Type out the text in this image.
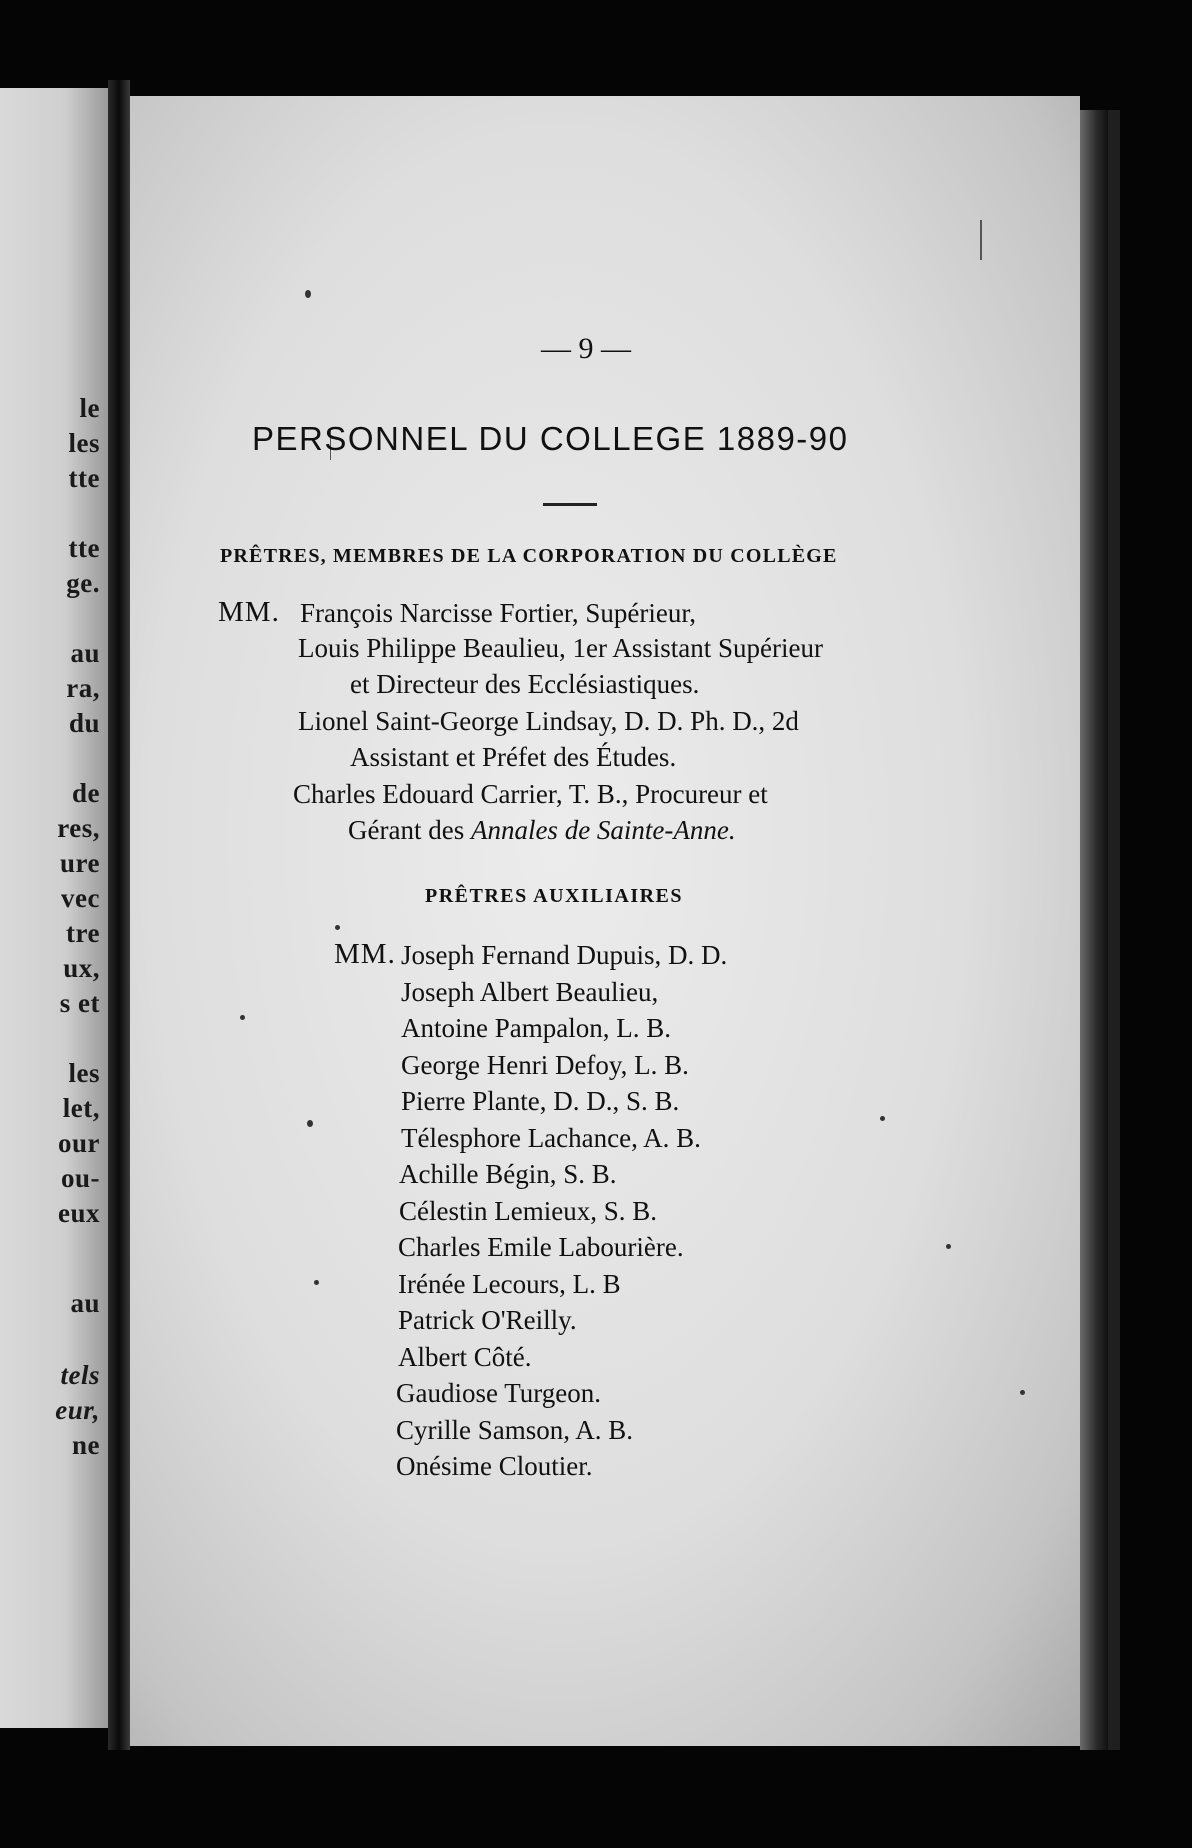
le
les
tte
tte
ge.
au
ra,
du
de
res,
ure
vec
tre
ux,
s et
les
let,
our
ou-
eux
au
tels
eur,
ne
— 9 —
PERSONNEL DU COLLEGE 1889-90
PRÊTRES, MEMBRES DE LA CORPORATION DU COLLÈGE
MM. François Narcisse Fortier, Supérieur,
Louis Philippe Beaulieu, 1er Assistant Supérieur
et Directeur des Ecclésiastiques.
Lionel Saint-George Lindsay, D. D. Ph. D., 2d
Assistant et Préfet des Études.
Charles Edouard Carrier, T. B., Procureur et
Gérant des Annales de Sainte-Anne.
PRÊTRES AUXILIAIRES
MM. Joseph Fernand Dupuis, D. D.
Joseph Albert Beaulieu,
Antoine Pampalon, L. B.
George Henri Defoy, L. B.
Pierre Plante, D. D., S. B.
Télesphore Lachance, A. B.
Achille Bégin, S. B.
Célestin Lemieux, S. B.
Charles Emile Labourière.
Irénée Lecours, L. B
Patrick O'Reilly.
Albert Côté.
Gaudiose Turgeon.
Cyrille Samson, A. B.
Onésime Cloutier.
